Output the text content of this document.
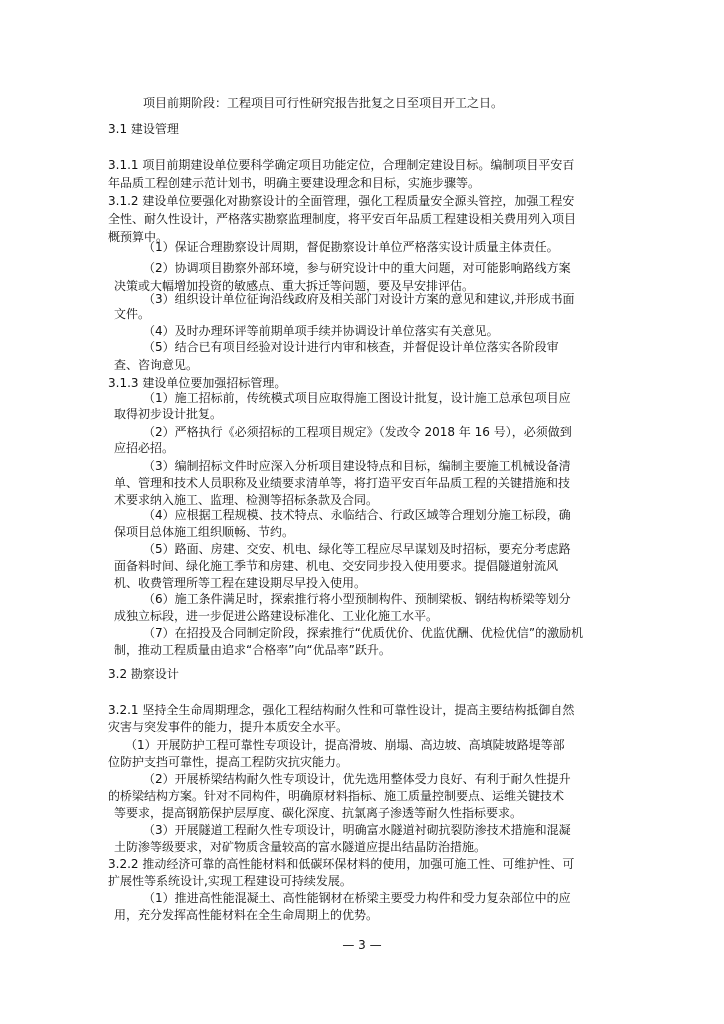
项目前期阶段：工程项目可行性研究报告批复之日至项目开工之日。
3.1 建设管理
3.1.1 项目前期建设单位要科学确定项目功能定位，合理制定建设目标。编制项目平安百
年品质工程创建示范计划书，明确主要建设理念和目标，实施步骤等。
3.1.2 建设单位要强化对勘察设计的全面管理，强化工程质量安全源头管控，加强工程安
全性、耐久性设计，严格落实勘察监理制度，将平安百年品质工程建设相关费用列入项目
概预算中。
（1）保证合理勘察设计周期，督促勘察设计单位严格落实设计质量主体责任。
（2）协调项目勘察外部环境，参与研究设计中的重大问题，对可能影响路线方案
决策或大幅增加投资的敏感点、重大拆迁等问题，要及早安排评估。
（3）组织设计单位征询沿线政府及相关部门对设计方案的意见和建议,并形成书面
文件。
（4）及时办理环评等前期单项手续并协调设计单位落实有关意见。
（5）结合已有项目经验对设计进行内审和核查，并督促设计单位落实各阶段审
查、咨询意见。
3.1.3 建设单位要加强招标管理。
（1）施工招标前，传统模式项目应取得施工图设计批复，设计施工总承包项目应
取得初步设计批复。
（2）严格执行《必须招标的工程项目规定》（发改令 2018 年 16 号），必须做到
应招必招。
（3）编制招标文件时应深入分析项目建设特点和目标，编制主要施工机械设备清
单、管理和技术人员职称及业绩要求清单等，将打造平安百年品质工程的关键措施和技
术要求纳入施工、监理、检测等招标条款及合同。
（4）应根据工程规模、技术特点、永临结合、行政区域等合理划分施工标段，确
保项目总体施工组织顺畅、节约。
（5）路面、房建、交安、机电、绿化等工程应尽早谋划及时招标，要充分考虑路
面备料时间、绿化施工季节和房建、机电、交安同步投入使用要求。提倡隧道射流风
机、收费管理所等工程在建设期尽早投入使用。
（6）施工条件满足时，探索推行将小型预制构件、预制梁板、钢结构桥梁等划分
成独立标段，进一步促进公路建设标准化、工业化施工水平。
（7）在招投及合同制定阶段，探索推行“优质优价、优监优酬、优检优信”的激励机
制，推动工程质量由追求“合格率”向“优品率”跃升。
3.2 勘察设计
3.2.1 坚持全生命周期理念，强化工程结构耐久性和可靠性设计，提高主要结构抵御自然
灾害与突发事件的能力，提升本质安全水平。
（1）开展防护工程可靠性专项设计，提高滑坡、崩塌、高边坡、高填陡坡路堤等部
位防护支挡可靠性，提高工程防灾抗灾能力。
（2）开展桥梁结构耐久性专项设计，优先选用整体受力良好、有利于耐久性提升
的桥梁结构方案。针对不同构件，明确原材料指标、施工质量控制要点、运维关键技术
等要求，提高钢筋保护层厚度、碳化深度、抗氯离子渗透等耐久性指标要求。
（3）开展隧道工程耐久性专项设计，明确富水隧道衬砌抗裂防渗技术措施和混凝
土防渗等级要求，对矿物质含量较高的富水隧道应提出结晶防治措施。
3.2.2 推动经济可靠的高性能材料和低碳环保材料的使用，加强可施工性、可维护性、可
扩展性等系统设计,实现工程建设可持续发展。
（1）推进高性能混凝土、高性能钢材在桥梁主要受力构件和受力复杂部位中的应
用，充分发挥高性能材料在全生命周期上的优势。
— 3 —
